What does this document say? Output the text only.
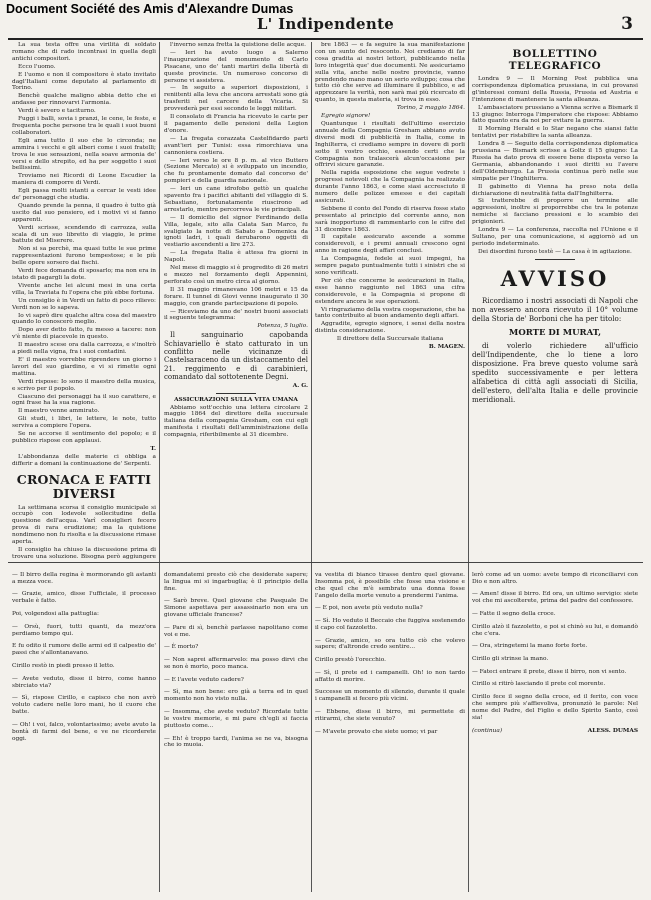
Document Société des Amis d'Alexandre Dumas
L' Indipendente	3

La sua testa offre una virilità di soldato romano che di rado incontrasi in quella degli antichi compositori.

Ecco l'uomo.

E l'uomo e non il compositore è stato invitato dagl'Italiani come deputato al parlamento di Torino.

Benchè qualche maligno abbia detto che ei andasse per rinnovarvi l'armonia.

Verdi è severo e taciturno.

Fuggi i balli, sovia i pranzi, le cene, le feste, e frequenta poche persone tra le quali i suoi buoni collaboratori.

Egli ama tutto il suo che lo circonda; ne ammira i vecchi e gli alberi come i suoi fratelli; trova le sue sensazioni, nella soave armonia de' versi e dello strepito, ed ha per soggetto i suoi bellissimi.

Troviamo nei Ricordi di Leone Escudier la maniera di comporre di Verdi.

Egli passa molti istanti a cercar le vesti idee de' personaggi che studia.

Quando prende la penna, il quadro è tutto già uscito dal suo pensiero, ed i motivi vi si fanno apparenti.

Verdi scrisse, scendendo di carrozza, sulla scala di un suo libretto di viaggio, le prime battute del Miserere.

Non si sa perchè, ma quasi tutte le sue prime rappresentazioni furono tempestose; e le più belle opere sorsero dai fischi.

Verdi fece domanda di sposarlo; ma non era in istato di pagargli la dote.

Vivente anche lei alcuni mesi in una certa villa, la Traviata fu l'opera che più ebbe fortuna.

Un consiglio è in Verdi un fatto di poco rilievo: Verdi non se lo sapeva.

Io vi saprò dire qualche altra cosa del maestro quando lo conoscerò meglio.

Dopo aver detto fatto, fu messo a tacere: non v'è niente di piacevole in questo.

Il maestro scese ora dalla carrozza, e s'inoltrò a piedi nella vigna, fra i suoi contadini.

E' il maestro vorrebbe riprendere un giorno i lavori del suo giardino, e vi si rimette ogni mattina.

Verdi rispose: Io sono il maestro della musica, e scrivo per il popolo.

Ciascuno dei personaggi ha il suo carattere, e ogni frase ha la sua ragione.

Il maestro venne ammirato.

Gli studi, i libri, le lettere, le note, tutto serviva a compiere l'opera.

Se ne accorse il sentimento del popolo; e il pubblico rispose con applausi.

T.

L'abbondanza delle materie ci obbliga a differir a domani la continuazione de' Serpenti.

CRONACA E FATTI DIVERSI

La settimana scorsa il consiglio municipale si occupò con lodevole sollecitudine della questione dell'acqua. Varî consiglieri fecero prova di rara erudizione; ma la quistione nondimeno non fu risolta e la discussione rimase aperta.

Il consiglio ha chiuso la discussione prima di trovare una soluzione. Bisogna però aggiungere

l'inverno senza fretta la quistione delle acque.

— Ieri ha avuto luogo a Salerno l'inaugurazione del monumento di Carlo Pisacane, uno de' tanti martiri della libertà di queste provincie. Un numeroso concorso di persone vi assisteva.

— In seguito a superiori disposizioni, i reniitenti alla leva che ancora arrestati sono già trasferiti nel carcere della Vicaria. Si provvederà per essi secondo le leggi militari.

Il consolato di Francia ha ricevuto le carte per il pagamento delle pensioni della Legion d'onore.

— La fregata corazzata Castelfidardo parti avant'ieri per Tunisi: essa rimorchiava una cannoniera costiera.

— Ieri verso le ore 8 p. m. al vico Buttero (Sezione Mercato) si è sviluppato un incendio, che fu prontamente domato dal concorso de' pompieri e della guardia nazionale.

— Ieri un cane idrofobo gettò un qualche spavento fra i pacifici abitanti del villaggio di S. Sebastiano, fortunatamente riuscirono ad arrestarlo, mentre percorreva le vie principali.

— Il domicilio del signor Ferdinando della Villa, legale, sito alla Calata San Marco, fu svaligiato la notte di Sabato a Domenica da ignoti ladri, i quali derubarono oggetti di vestiario ascendenti a lire 273.

— La fregata Italia è attesa fra giorni in Napoli.

Nel mese di maggio si è progredito di 26 metri e mezzo nel forzamento degli Appennini, perforato così un metro circa al giorno.

Il 31 maggio rimanevano 106 metri e 15 da forare. Il tunnel di Giovi venne inaugurato il 30 maggio, con grande partecipazione di popolo.

— Riceviamo da uno de' nostri buoni associati il seguente telegramma:

Potenza, 5 luglio.

Il sanguinario capobanda Schiavariello è stato catturato in un conflitto nelle vicinanze di Castelsaraceno da un distaccamento del 21. reggimento e di carabinieri, comandato dal sottotenente Degni.

A. G.

ASSICURAZIONI SULLA VITA UMANA

Abbiamo sott'occhio una lettera circolare 2 maggio 1864 del direttore della succursale italiana della compagnia Gresham, con cui egli manifesta i risultati dell'amministrazione della compagnia, riferibilmente al 31 dicembre.

bre 1863 — e fa seguire la sua manifestazione con un sunto del resoconto. Noi crediamo di far cosa gradita ai nostri lettori, pubblicando nella loro integrità que' due documenti. Ne assicuriamo sulla vita, anche nelle nostre provincie, vanno prendendo mano mano un serio sviluppo; cosa che tutto ciò che serve ad illuminare il pubblico, e ad apprezzare la verità, non sarà mai più ricercato di quanto, in questa materia, si trova in esso.

Torino, 2 maggio 1864.

Egregio signore!

Quantunque i risultati dell'ultimo esercizio annuale della Compagnia Gresham abbiano avuto diversi modi di pubblicità in Italia, come in Inghilterra, ci crediamo sempre in dovere di porli sotto il vostro occhio, essendo certi che la Compagnia non tralascerà alcun'occasione per offrirvi sicure garanzie.

Nella rapida esposizione che segue vedrete i progressi notevoli che la Compagnia ha realizzato durante l'anno 1863, e come siasi accresciuto il numero delle polizze emesse e dei capitali assicurati.

Sebbene il conto del Fondo di riserva fosse stato presentato al principio del corrente anno, non sarà inopportuno di rammentarlo con le cifre del 31 dicembre 1863.

Il capitale assicurato ascende a somme considerevoli, e i premi annuali crescono ogni anno in ragione degli affari conclusi.

La Compagnia, fedele ai suoi impegni, ha sempre pagato puntualmente tutti i sinistri che si sono verificati.

Per ciò che concerne le assicurazioni in Italia, esse hanno raggiunto nel 1863 una cifra considerevole, e la Compagnia si propone di estendere ancora le sue operazioni.

Vi ringraziamo della vostra cooperazione, che ha tanto contribuito al buon andamento degli affari.

Aggradite, egregio signore, i sensi della nostra distinta considerazione.

Il direttore della Succursale italiana

B. MAGEN.

BOLLETTINO TELEGRAFICO

Londra 9 — Il Morning Post pubblica una corrispondenza diplomatica prussiana, in cui provansi gl'interessi comuni della Russia, Prussia ed Austria e l'intenzione di mantenere la santa alleanza.

L'ambasciatore prussiano a Vienna scrive a Bismark il 13 giugno: Interroga l'imperatore che rispose: Abbiamo fatto quanto era da noi per evitare la guerra.

Il Morning Herald e lo Star negano che siansi fatte tentativi per ristabilire la santa alleanza.

Londra 8 — Seguito della corrispondenza diplomatica prussiana — Bismark scrisse a Goltz il 15 giugno: La Russia ha dato prova di essere bene disposta verso la Germania, abbandonando i suoi diritti su l'avere dell'Oldemburgo. La Prussia continua però nelle sue simpatie per l'Inghilterra.

Il gabinetto di Vienna ha preso nota della dichiarazione di neutralità fatta dall'Inghilterra.

Si tratterebbe di proporre un termine alle aggressioni, inoltre si proporrebbe che tra le potenze nemiche si facciano pressioni e lo scambio dei prigionieri.

Londra 9 — La conferenza, raccolta nel l'Unione e il Sultano, per una comunicazione, si aggiornò ad un periodo indeterminato.

Dei disordini furono testè — La casa è in agitazione.

AVVISO

Ricordiamo i nostri associati di Napoli che non avessero ancora ricevuto il 10° volume della Storia de' Borboni che ha per titolo:

MORTE DI MURAT,

di volerlo richiedere all'ufficio dell'Indipendente, che lo tiene a loro disposizione. Fra breve questo volume sarà spedito successivamente e per lettera alfabetica di città agli associati di Sicilia, dell'estero, dell'alta Italia e delle provincie meridionali.

— Il birro della regina è mormorando gli astanti a mezza voce.

— Grazie, amico, disse l'ufficiale, il processo verbale è fatto.

Poi, volgendosi alla pattuglia:

— Orsù, fuori, tutti quanti, da mezz'ora perdiamo tempo qui.

E fu odito il rumore delle armi ed il calpestio de' passi che s'allontanavano.

Cirillo restò in piedi presso il letto.

— Avete veduto, disse il birro, come hanno sbirciato via?

— Sì, rispose Cirillo, e capisco che non avrò voluto cadere nelle loro mani, ho il cuore che batte.

— Oh! i voi, falco, volontarissimo; avete avuto la bontà di farmi del bene, e ve ne ricorderete oggi.

domandatemi presto ciò che desiderate sapere; la lingua mi si ingarbuglia; è il principio della fine.

— Sarò breve. Quel giovane che Pasquale De Simone aspettava per assassinarlo non era un giovane ufficiale francese?

— Pare di sì, benchè parlasse napolitano come voi e me.

— È morto?

— Non saprei affermarvelo: ma posso dirvi che se non è morto, poco manca.

— E l'avete veduto cadere?

— Sì, ma non bene: ero già a terra ed in quel momento non ho visto nulla.

— Insomma, che avete veduto? Ricordate tutte le vostre memorie, e mi pare ch'egli si faccia piuttosto come...

— Eh! è troppo tardi, l'anima se ne va, bisogna che io muoia.

va vestita di bianco tirasse dentro quel giovane. Insomma poi, è possibile che fosse una visione e che quel che m'è sembrato una donna fosse l'angelo della morte venuto a prendermi l'anima.

— E poi, non avete più veduto nulla?

— Sì. Ho veduto il Beccaio che fuggiva sostenendo il capo col fazzoletto.

— Grazie, amico, so ora tutto ciò che volevo sapere; d'altronde credo sentire...

Cirillo prestò l'orecchio.

— Sì, il prete ed i campanelli. Oh! io non tardo affatto di morire.

Successe un momento di silenzio, durante il quale i campanelli si fecero più vicini.

— Ebbene, disse il birro, mi permettete di ritirarmi, che siete venuto?

— M'avete provato che siete uomo; vi par

lerò come ad un uomo: avete tempo di riconciliarvi con Dio e non altro.

— Amen! disse il birro. Ed ora, un ultimo servigio: siete voi che mi ascolterete, prima del padre del confessore.

— Fatte il segno della croce.

Cirillo alzò il fazzoletto, e poi si chinò su lui, e domandò che c'era.

— Ora, stringetemi la mano forte forte.

Cirillo gli strinse la mano.

— Fateci entrare il prete, disse il birro, non vi sento.

Cirillo si ritirò lasciando il prete col morente.

Cirillo fece il segno della croce, ed il ferito, con voce che sempre più s'affievoliva, pronunziò le parole: Nel nome del Padre, del Figlio e dello Spirito Santo, così sia!

(continua)	ALESS. DUMAS
